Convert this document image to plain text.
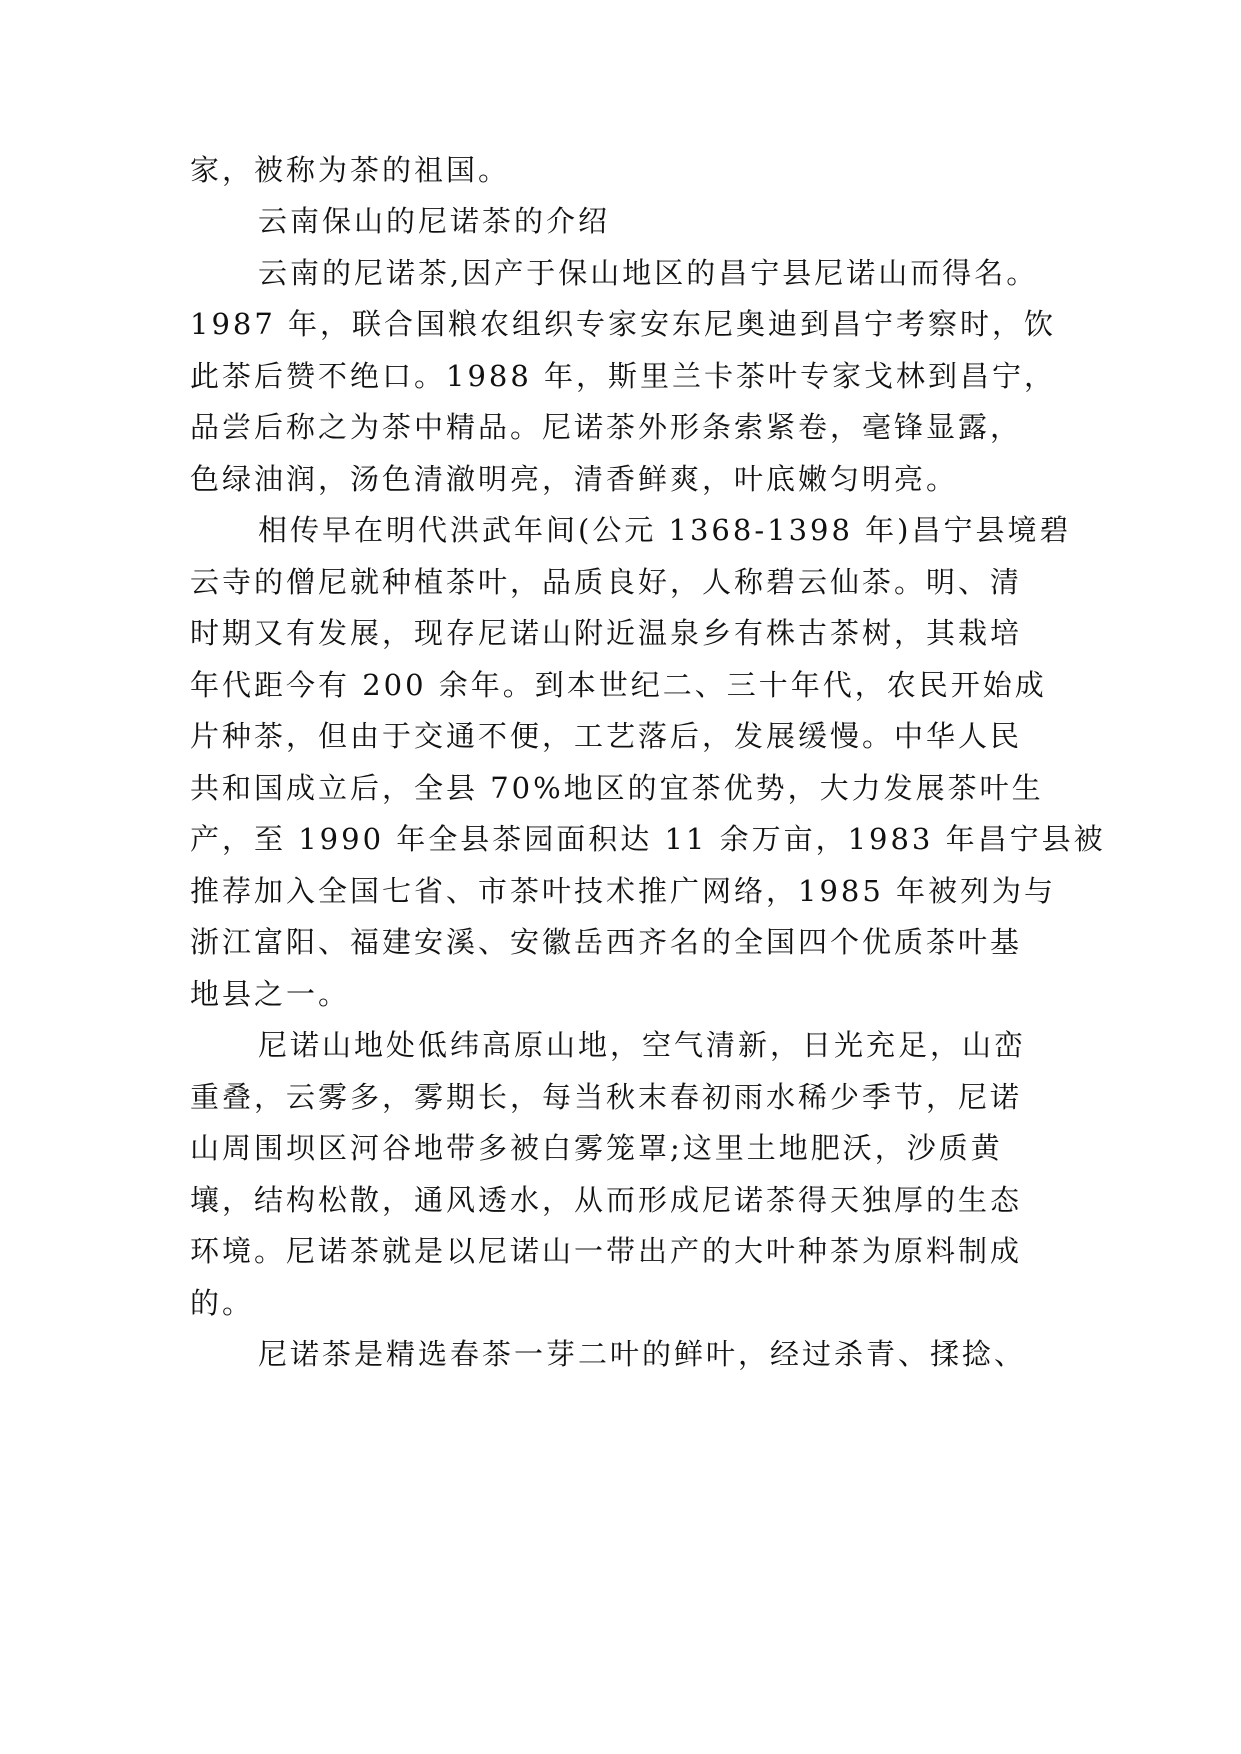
家，被称为茶的祖国。

云南保山的尼诺茶的介绍

云南的尼诺茶,因产于保山地区的昌宁县尼诺山而得名。

1987 年，联合国粮农组织专家安东尼奥迪到昌宁考察时，饮

此茶后赞不绝口。1988 年，斯里兰卡茶叶专家戈林到昌宁，

品尝后称之为茶中精品。尼诺茶外形条索紧卷，毫锋显露，

色绿油润，汤色清澈明亮，清香鲜爽，叶底嫩匀明亮。

相传早在明代洪武年间(公元 1368-1398 年)昌宁县境碧

云寺的僧尼就种植茶叶，品质良好，人称碧云仙茶。明、清

时期又有发展，现存尼诺山附近温泉乡有株古茶树，其栽培

年代距今有 200 余年。到本世纪二、三十年代，农民开始成

片种茶，但由于交通不便，工艺落后，发展缓慢。中华人民

共和国成立后，全县 70%地区的宜茶优势，大力发展茶叶生

产，至 1990 年全县茶园面积达 11 余万亩，1983 年昌宁县被

推荐加入全国七省、市茶叶技术推广网络，1985 年被列为与

浙江富阳、福建安溪、安徽岳西齐名的全国四个优质茶叶基

地县之一。

尼诺山地处低纬高原山地，空气清新，日光充足，山峦

重叠，云雾多，雾期长，每当秋末春初雨水稀少季节，尼诺

山周围坝区河谷地带多被白雾笼罩;这里土地肥沃，沙质黄

壤，结构松散，通风透水，从而形成尼诺茶得天独厚的生态

环境。尼诺茶就是以尼诺山一带出产的大叶种茶为原料制成

的。

尼诺茶是精选春茶一芽二叶的鲜叶，经过杀青、揉捻、
